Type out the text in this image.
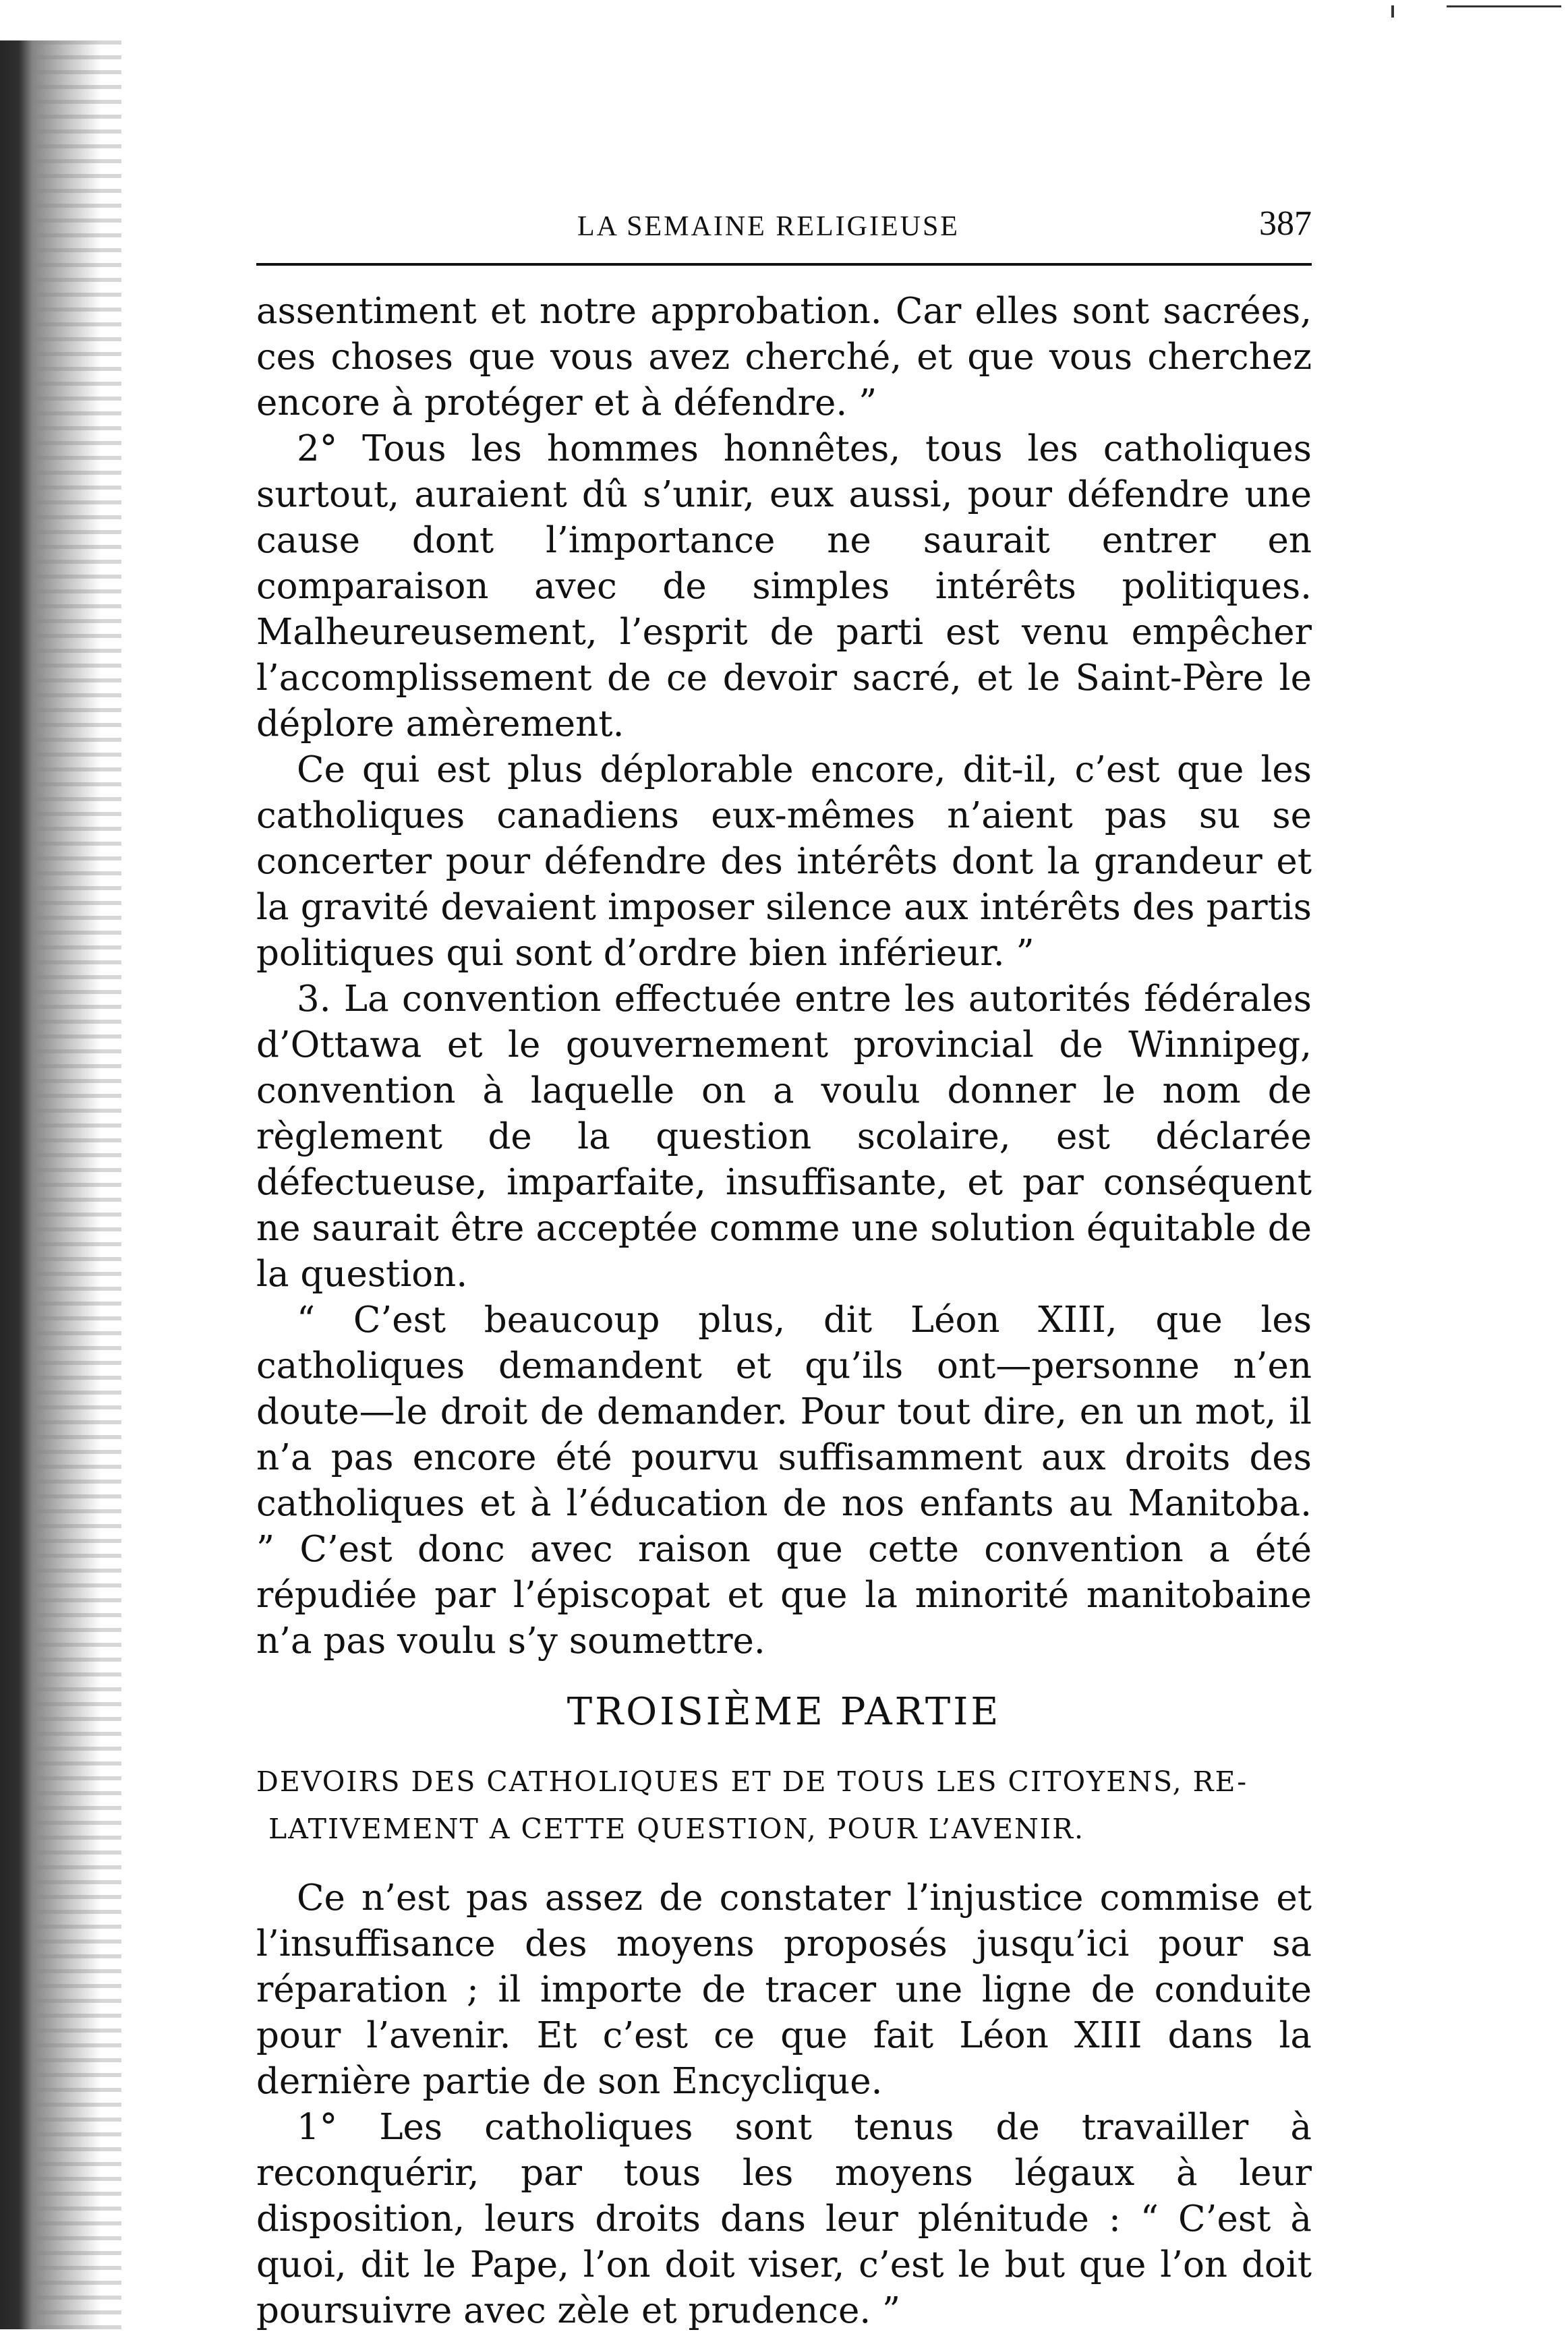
LA SEMAINE RELIGIEUSE	387

assentiment et notre approbation. Car elles sont sacrées, ces choses que vous avez cherché, et que vous cherchez encore à protéger et à défendre. ”

2° Tous les hommes honnêtes, tous les catholiques surtout, auraient dû s’unir, eux aussi, pour défendre une cause dont l’importance ne saurait entrer en comparaison avec de simples intérêts politiques. Malheureusement, l’esprit de parti est venu empêcher l’accomplissement de ce devoir sacré, et le Saint-Père le déplore amèrement.

Ce qui est plus déplorable encore, dit-il, c’est que les catholiques canadiens eux-mêmes n’aient pas su se concerter pour défendre des intérêts dont la grandeur et la gravité devaient imposer silence aux intérêts des partis politiques qui sont d’ordre bien inférieur. ”

3. La convention effectuée entre les autorités fédérales d’Ottawa et le gouvernement provincial de Winnipeg, convention à laquelle on a voulu donner le nom de règlement de la question scolaire, est déclarée défectueuse, imparfaite, insuffisante, et par conséquent ne saurait être acceptée comme une solution équitable de la question.

“ C’est beaucoup plus, dit Léon XIII, que les catholiques demandent et qu’ils ont—personne n’en doute—le droit de demander. Pour tout dire, en un mot, il n’a pas encore été pourvu suffisamment aux droits des catholiques et à l’éducation de nos enfants au Manitoba. ” C’est donc avec raison que cette convention a été répudiée par l’épiscopat et que la minorité manitobaine n’a pas voulu s’y soumettre.

TROISIÈME PARTIE
DEVOIRS DES CATHOLIQUES ET DE TOUS LES CITOYENS, RE-
LATIVEMENT A CETTE QUESTION, POUR L’AVENIR.

Ce n’est pas assez de constater l’injustice commise et l’insuffisance des moyens proposés jusqu’ici pour sa réparation ; il importe de tracer une ligne de conduite pour l’avenir. Et c’est ce que fait Léon XIII dans la dernière partie de son Encyclique.

1° Les catholiques sont tenus de travailler à reconquérir, par tous les moyens légaux à leur disposition, leurs droits dans leur plénitude : “ C’est à quoi, dit le Pape, l’on doit viser, c’est le but que l’on doit poursuivre avec zèle et prudence. ”
